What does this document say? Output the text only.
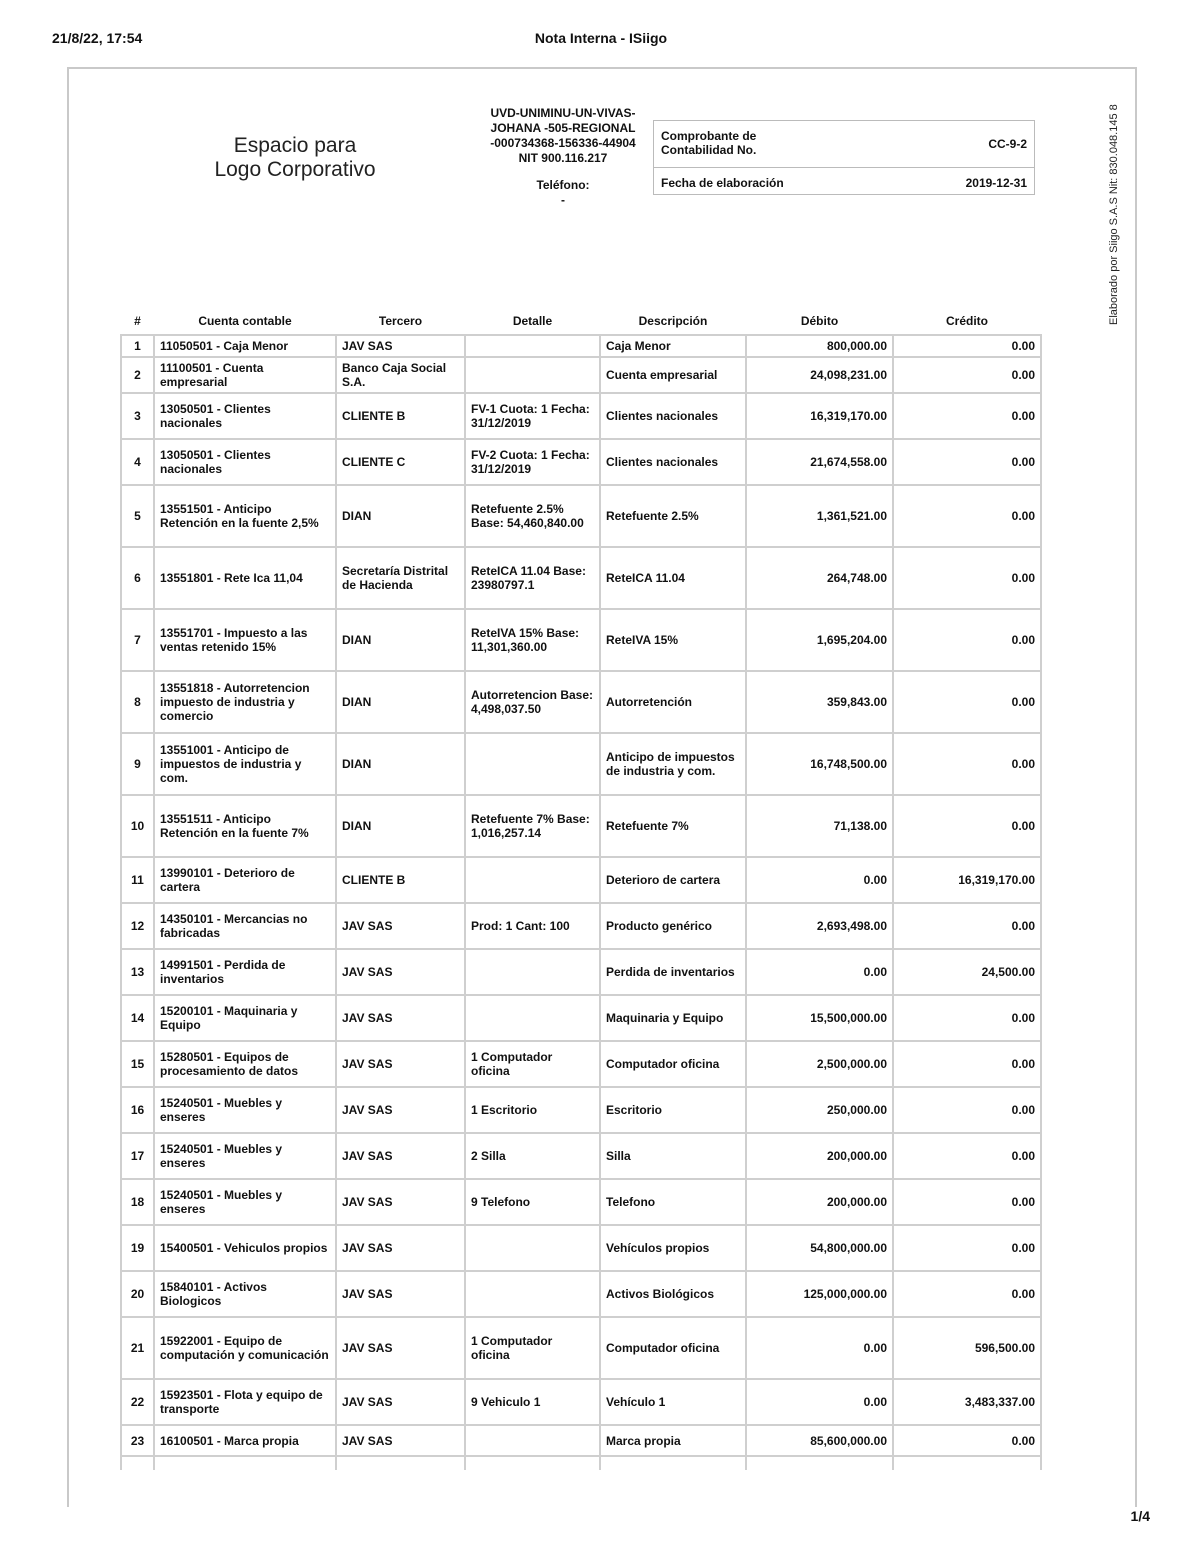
21/8/22, 17:54	Nota Interna - ISiigo
Elaborado por Siigo S.A.S Nit: 830.048.145 8
Espacio para
Logo Corporativo
UVD-UNIMINU-UN-VIVAS-JOHANA -505-REGIONAL -000734368-156336-44904
NIT 900.116.217
Teléfono:
-
Comprobante de Contabilidad No.	CC-9-2
Fecha de elaboración	2019-12-31
#	Cuenta contable	Tercero	Detalle	Descripción	Débito	Crédito
1	11050501 - Caja Menor	JAV SAS		Caja Menor	800,000.00	0.00
2	11100501 - Cuenta empresarial	Banco Caja Social S.A.		Cuenta empresarial	24,098,231.00	0.00
3	13050501 - Clientes nacionales	CLIENTE B	FV-1 Cuota: 1 Fecha: 31/12/2019	Clientes nacionales	16,319,170.00	0.00
4	13050501 - Clientes nacionales	CLIENTE C	FV-2 Cuota: 1 Fecha: 31/12/2019	Clientes nacionales	21,674,558.00	0.00
5	13551501 - Anticipo Retención en la fuente 2,5%	DIAN	Retefuente 2.5% Base: 54,460,840.00	Retefuente 2.5%	1,361,521.00	0.00
6	13551801 - Rete Ica 11,04	Secretaría Distrital de Hacienda	ReteICA 11.04 Base: 23980797.1	ReteICA 11.04	264,748.00	0.00
7	13551701 - Impuesto a las ventas retenido 15%	DIAN	ReteIVA 15% Base: 11,301,360.00	ReteIVA 15%	1,695,204.00	0.00
8	13551818 - Autorretencion impuesto de industria y comercio	DIAN	Autorretencion Base: 4,498,037.50	Autorretención	359,843.00	0.00
9	13551001 - Anticipo de impuestos de industria y com.	DIAN		Anticipo de impuestos de industria y com.	16,748,500.00	0.00
10	13551511 - Anticipo Retención en la fuente 7%	DIAN	Retefuente 7% Base: 1,016,257.14	Retefuente 7%	71,138.00	0.00
11	13990101 - Deterioro de cartera	CLIENTE B		Deterioro de cartera	0.00	16,319,170.00
12	14350101 - Mercancias no fabricadas	JAV SAS	Prod: 1 Cant: 100	Producto genérico	2,693,498.00	0.00
13	14991501 - Perdida de inventarios	JAV SAS		Perdida de inventarios	0.00	24,500.00
14	15200101 - Maquinaria y Equipo	JAV SAS		Maquinaria y Equipo	15,500,000.00	0.00
15	15280501 - Equipos de procesamiento de datos	JAV SAS	1 Computador oficina	Computador oficina	2,500,000.00	0.00
16	15240501 - Muebles y enseres	JAV SAS	1 Escritorio	Escritorio	250,000.00	0.00
17	15240501 - Muebles y enseres	JAV SAS	2 Silla	Silla	200,000.00	0.00
18	15240501 - Muebles y enseres	JAV SAS	9 Telefono	Telefono	200,000.00	0.00
19	15400501 - Vehiculos propios	JAV SAS		Vehículos propios	54,800,000.00	0.00
20	15840101 - Activos Biologicos	JAV SAS		Activos Biológicos	125,000,000.00	0.00
21	15922001 - Equipo de computación y comunicación	JAV SAS	1 Computador oficina	Computador oficina	0.00	596,500.00
22	15923501 - Flota y equipo de transporte	JAV SAS	9 Vehiculo 1	Vehículo 1	0.00	3,483,337.00
23	16100501 - Marca propia	JAV SAS		Marca propia	85,600,000.00	0.00

1/4
